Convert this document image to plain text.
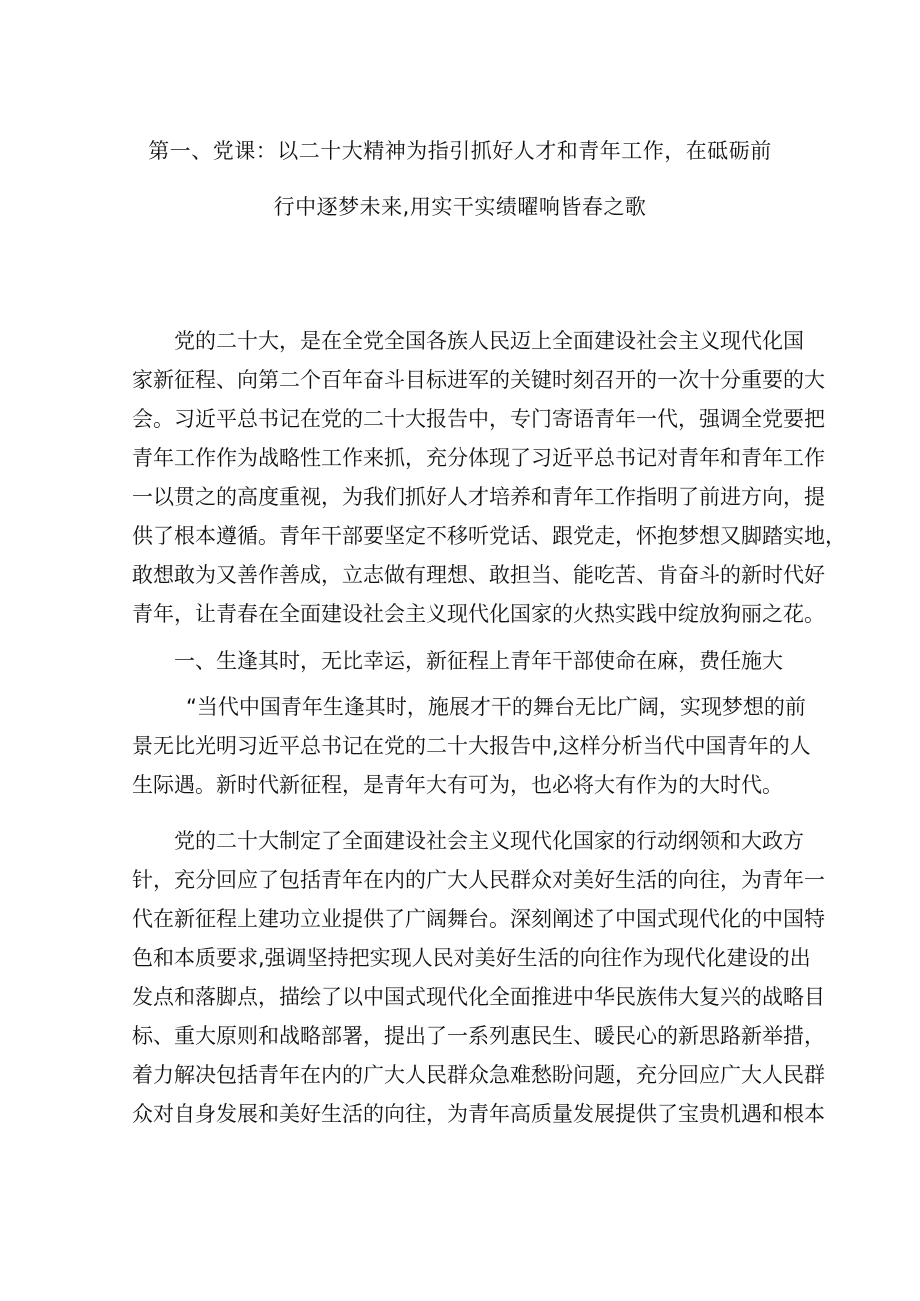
第一、党课：以二十大精神为指引抓好人才和青年工作，在砥砺前
行中逐梦未来,用实干实绩曜响皆春之歌
党的二十大，是在全党全国各族人民迈上全面建设社会主义现代化国
家新征程、向第二个百年奋斗目标进军的关键时刻召开的一次十分重要的大
会。习近平总书记在党的二十大报告中，专门寄语青年一代，强调全党要把
青年工作作为战略性工作来抓，充分体现了习近平总书记对青年和青年工作
一以贯之的高度重视，为我们抓好人才培养和青年工作指明了前进方向，提
供了根本遵循。青年干部要坚定不移听党话、跟党走，怀抱梦想又脚踏实地，
敢想敢为又善作善成，立志做有理想、敢担当、能吃苦、肯奋斗的新时代好
青年，让青春在全面建设社会主义现代化国家的火热实践中绽放狗丽之花。
一、生逢其时，无比幸运，新征程上青年干部使命在麻，费任施大
“当代中国青年生逢其时，施展才干的舞台无比广阔，实现梦想的前
景无比光明习近平总书记在党的二十大报告中,这样分析当代中国青年的人
生际遇。新时代新征程，是青年大有可为，也必将大有作为的大时代。
党的二十大制定了全面建设社会主义现代化国家的行动纲领和大政方
针，充分回应了包括青年在内的广大人民群众对美好生活的向往，为青年一
代在新征程上建功立业提供了广阔舞台。深刻阐述了中国式现代化的中国特
色和本质要求,强调坚持把实现人民对美好生活的向往作为现代化建设的出
发点和落脚点，描绘了以中国式现代化全面推进中华民族伟大复兴的战略目
标、重大原则和战略部署，提出了一系列惠民生、暖民心的新思路新举措，
着力解决包括青年在内的广大人民群众急难愁盼问题，充分回应广大人民群
众对自身发展和美好生活的向往，为青年高质量发展提供了宝贵机遇和根本
